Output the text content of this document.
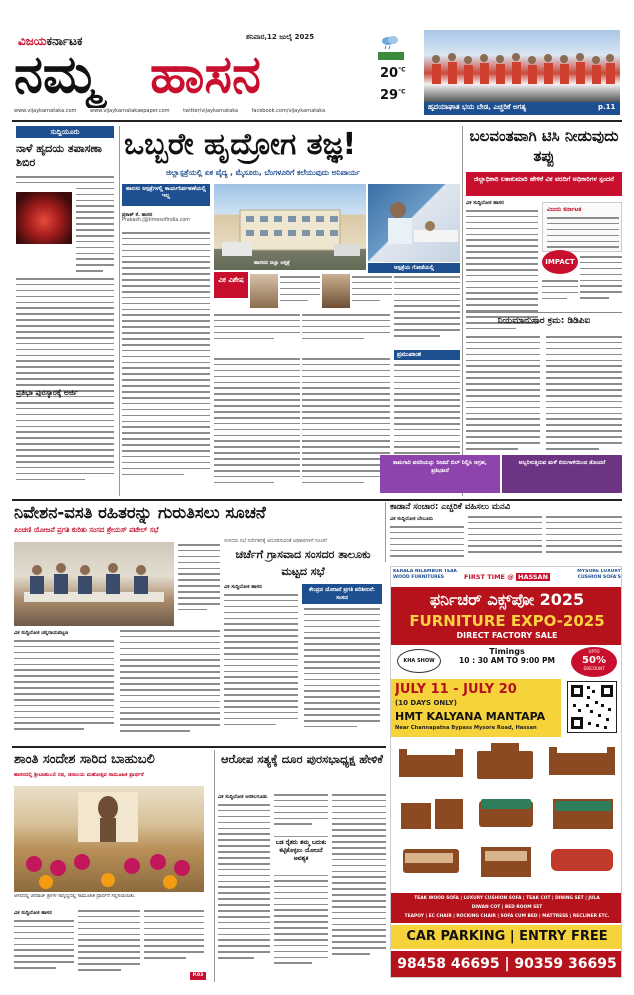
ವಿಜಯಕರ್ನಾಟಕ
ನಮ್ಮ ಹಾಸನ
ಶನಿವಾರ,12 ಜುಲೈ 2025
$20^{^\circ C}$
$29^{^\circ C}$
ಹೃದಯಾಘಾತ ಭಯ ಬೇಡ, ಎಚ್ಚರಿಕೆ ಅಗತ್ಯ	p.11
www.vijaykarnataka.com	www.vijaykarnatakaepaper.com	twitter/vijaykarnataka	facebook.com/vijaykarnataka
ಸುದ್ದಿಯೂರು
ನಾಳೆ ಹೃದಯ ತಪಾಸಣಾ ಶಿಬಿರ
ಪ್ರತಿಭಾ ಪುರಸ್ಕಾರಕ್ಕೆ ಅರ್ಜಿ
ಒಬ್ಬರೇ ಹೃದ್ರೋಗ ತಜ್ಞ!
ಜಿಲ್ಲಾಸ್ಪತ್ರೆಯಲ್ಲಿ ಏಕ ವೈದ್ಯ , ಮೈಸೂರು, ಬೆಂಗಳೂರಿಗೆ ಕಲೆಯುವುದು ಅನಿವಾರ್ಯ
ಹಾಲಸು ಆಸ್ಪತ್ರೆಗಳಲ್ಲಿ ಕಾರ್ಯನಿರ್ವಹಣೆಯಲ್ಲಿ ಇಲ್ಲ
ಪ್ರಕಾಶ್ ಕೆ. ಹಾಸನ
Prakash.j@timesofindia.com
ಹಾಸನದ ಜಿಲ್ಲಾ ಆಸ್ಪತ್ರೆ
ಆಸ್ಪತ್ರೆಯ ಗೋಡೆಯಲ್ಲಿ
ವಿಕ ವಿಶೇಷ
ಪ್ರಮುಖಾಂಶ
ಬಲವಂತವಾಗಿ ಟಿಸಿ ನೀಡುವುದು ತಪ್ಪು
ಜಿಲ್ಲಾಧಿಕಾರಿ ಲತಾಕುಮಾರಿ ಹೇಳಿಕೆ ವಿಕ ವರದಿಗೆ ಅಧಿಕಾರಿಗಳ ಸ್ಪಂದನೆ
ವಿಕ ಸುದ್ದಿಲೋಕ ಹಾಸನ
ವಿಜಯ ಕರ್ನಾಟಕ
IMPACT
ನಿಯಮಾನುಸಾರ ಕ್ರಮ: ಡಿಡಿಪಿಐ
ಕಾಮಗಾರಿ ವರದಿಯನ್ನು ನೀಡದೆ ಬಿಲ್ ನಿಲ್ಲಿಸಿ ಆಗ್ರಹ, ಪ್ರತಿಭಟನೆ
ಅಬ್ಬರಿಸುತ್ತಿರುವ ಮಳೆ ಬಿರುಗಾಳಿಯಿಂದ ತೊಂದರೆ
ನಿವೇಶನ-ವಸತಿ ರಹಿತರನ್ನು ಗುರುತಿಸಲು ಸೂಚನೆ
ಪಿಂಚಣಿ ಯೋಜನೆ ಪ್ರಗತಿ ಕುರಿತು ಸಂಸದ ಶ್ರೇಯಸ್ ಪಟೇಲ್ ಸಭೆ
ವಿಕ ಸುದ್ದಿಲೋಕ ಚನ್ನರಾಯಪಟ್ಟಣ
ಸಂಸದರು ಸಭೆ ನಿರ್ದೇಶನಕ್ಕೆ ಅನುಸರಿಸುವಂತೆ ಅಧಿಕಾರಿಗಳಿಗೆ ಸೂಚನೆ
ಚರ್ಚೆಗೆ ಗ್ರಾಸವಾದ ಸಂಸದರ ತಾಲೂಕು ಮಟ್ಟದ ಸಭೆ
ವಿಕ ಸುದ್ದಿಲೋಕ ಹಾಸನ	ಕೇಂದ್ರದ ಯೋಜನೆ ಪ್ರಗತಿ ಪರಿಶೀಲನೆ: ಸಂಸದ
ಕಾಡಾನೆ ಸಂಚಾರ: ಎಚ್ಚರಿಕೆ ವಹಿಸಲು ಮನವಿ
ವಿಕ ಸುದ್ದಿಲೋಕ ಬೇಲೂರು
KERALA NILAMBUR TEAK WOOD FURNITURES	FIRST TIME @ HASSAN
MYSORE LUXURY CUSHION SOFA'S
ಫರ್ನಿಚರ್ ಎಕ್ಸ್‌ಪೋ 2025
FURNITURE EXPO-2025
DIRECT FACTORY SALE
KHA SHOW
Timings
10 : 30 AM TO 9:00 PM
UPTO
50%
DISCOUNT
JULY 11 - JULY 20
(10 DAYS ONLY)
HMT KALYANA MANTAPA
Near Channapatna Bypass Mysore Road, Hassan
TEAK WOOD SOFA | LUXURY CUSHION SOFA | TEAK COT | DINING SET | JULA
DIWAN COT | BED ROOM SET
TEAPOY | EC CHAIR | ROCKING CHAIR | SOFA CUM BED | MATTRESS | RECLINER ETC.
CAR PARKING | ENTRY FREE
98458 46695 | 90359 36695
ಶಾಂತಿ ಸಂದೇಶ ಸಾರಿದ ಬಾಹುಬಲಿ
ಹಾಸನದಲ್ಲಿ ಶ್ರೀಬಾಹುಬಲಿ ರಥ, ಜಿನಾಲಯ ಮಹೋತ್ಸವ ಸಾಮೂಹಿಕ ಪ್ರಾರ್ಥನೆ
ಆಸನದಲ್ಲಿ ಜಿನರಾಜ್ ಶ್ರೀಗಳ ಸಾನ್ನಿಧ್ಯದಲ್ಲಿ ಸಾಮೂಹಿಕ ಪ್ರಾರ್ಥನೆ ಸಲ್ಲಿಸಲಾಯಿತು.
ವಿಕ ಸುದ್ದಿಲೋಕ ಹಾಸನ
P.03
ಆರೋಪ ಸತ್ಯಕ್ಕೆ ದೂರ ಪುರಸಭಾಧ್ಯಕ್ಷ ಹೇಳಿಕೆ
ವಿಕ ಸುದ್ದಿಲೋಕ ಅರಕಲಗೂಡು
ಬಡ ರೈತರು ತಮ್ಮ ಬದುಕು ಕಟ್ಟಿಕೊಳ್ಳಲು ಯೋಜನೆ ಅವಶ್ಯಕ
